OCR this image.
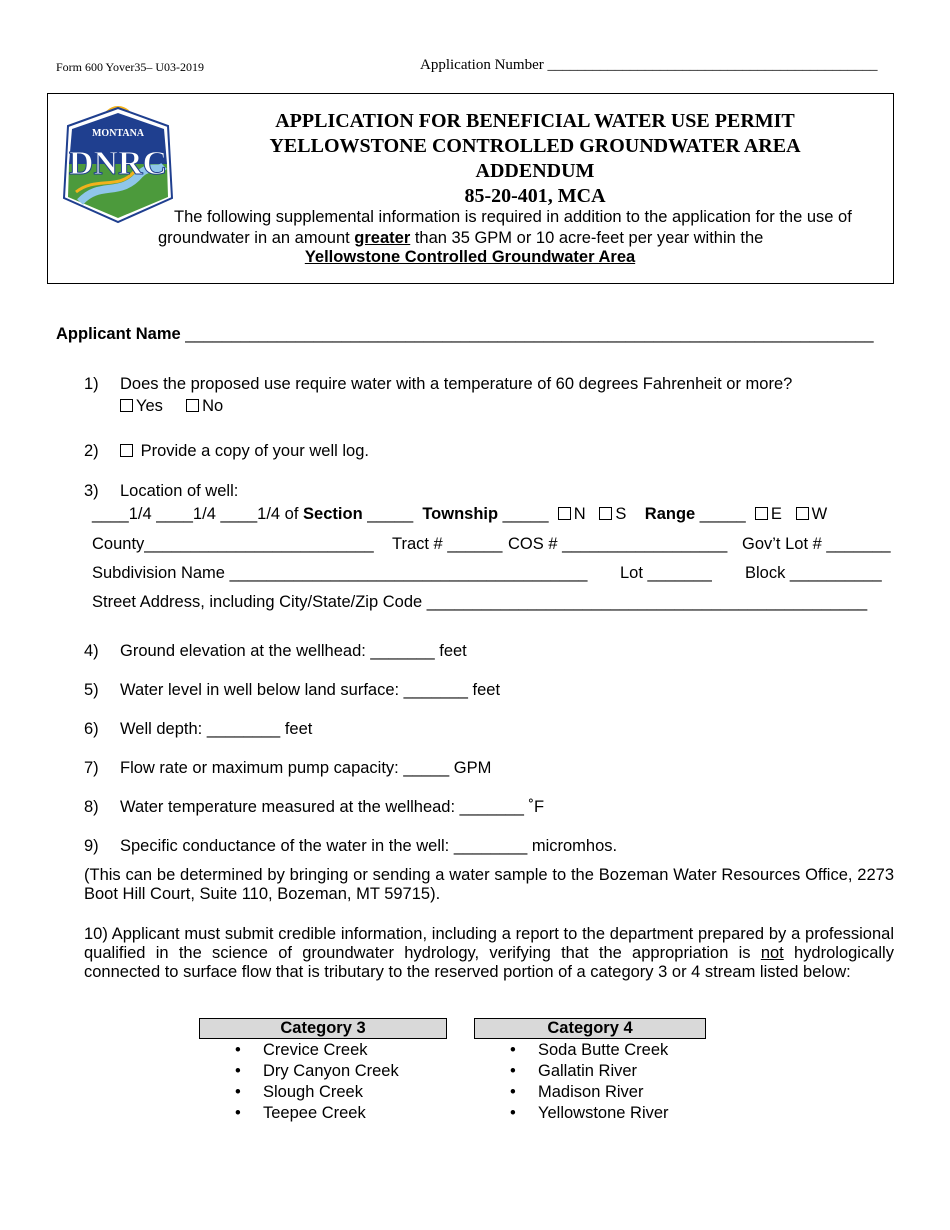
Form 600 Yover35– U03-2019	Application Number ____________________________________________
MONTANA
DNRC
APPLICATION FOR BENEFICIAL WATER USE PERMIT
YELLOWSTONE CONTROLLED GROUNDWATER AREA
ADDENDUM
85-20-401, MCA
The following supplemental information is required in addition to the application for the use of
groundwater in an amount greater than 35 GPM or 10 acre-feet per year within the
Yellowstone Controlled Groundwater Area
Applicant Name ___________________________________________________________________________
1) Does the proposed use require water with a temperature of 60 degrees Fahrenheit or more?
Yes No
2)	Provide a copy of your well log.
3) Location of well:
____1/4 ____1/4 ____1/4 of Section _____  Township _____  N S Range _____  E W
County_________________________ Tract # ______ COS # __________________ Gov’t Lot # _______
Subdivision Name _______________________________________ Lot _______ Block __________
Street Address, including City/State/Zip Code ________________________________________________
4) Ground elevation at the wellhead: _______ feet
5) Water level in well below land surface: _______ feet
6) Well depth: ________ feet
7) Flow rate or maximum pump capacity: _____ GPM
8) Water temperature measured at the wellhead: _______ ˚F
9) Specific conductance of the water in the well: ________ micromhos.
(This can be determined by bringing or sending a water sample to the Bozeman Water Resources Office, 2273 Boot Hill Court, Suite 110, Bozeman, MT 59715).
10) Applicant must submit credible information, including a report to the department prepared by a professional qualified in the science of groundwater hydrology, verifying that the appropriation is not hydrologically connected to surface flow that is tributary to the reserved portion of a category 3 or 4 stream listed below:
Category 3
• Crevice Creek
• Dry Canyon Creek
• Slough Creek
• Teepee Creek
Category 4
• Soda Butte Creek
• Gallatin River
• Madison River
• Yellowstone River
